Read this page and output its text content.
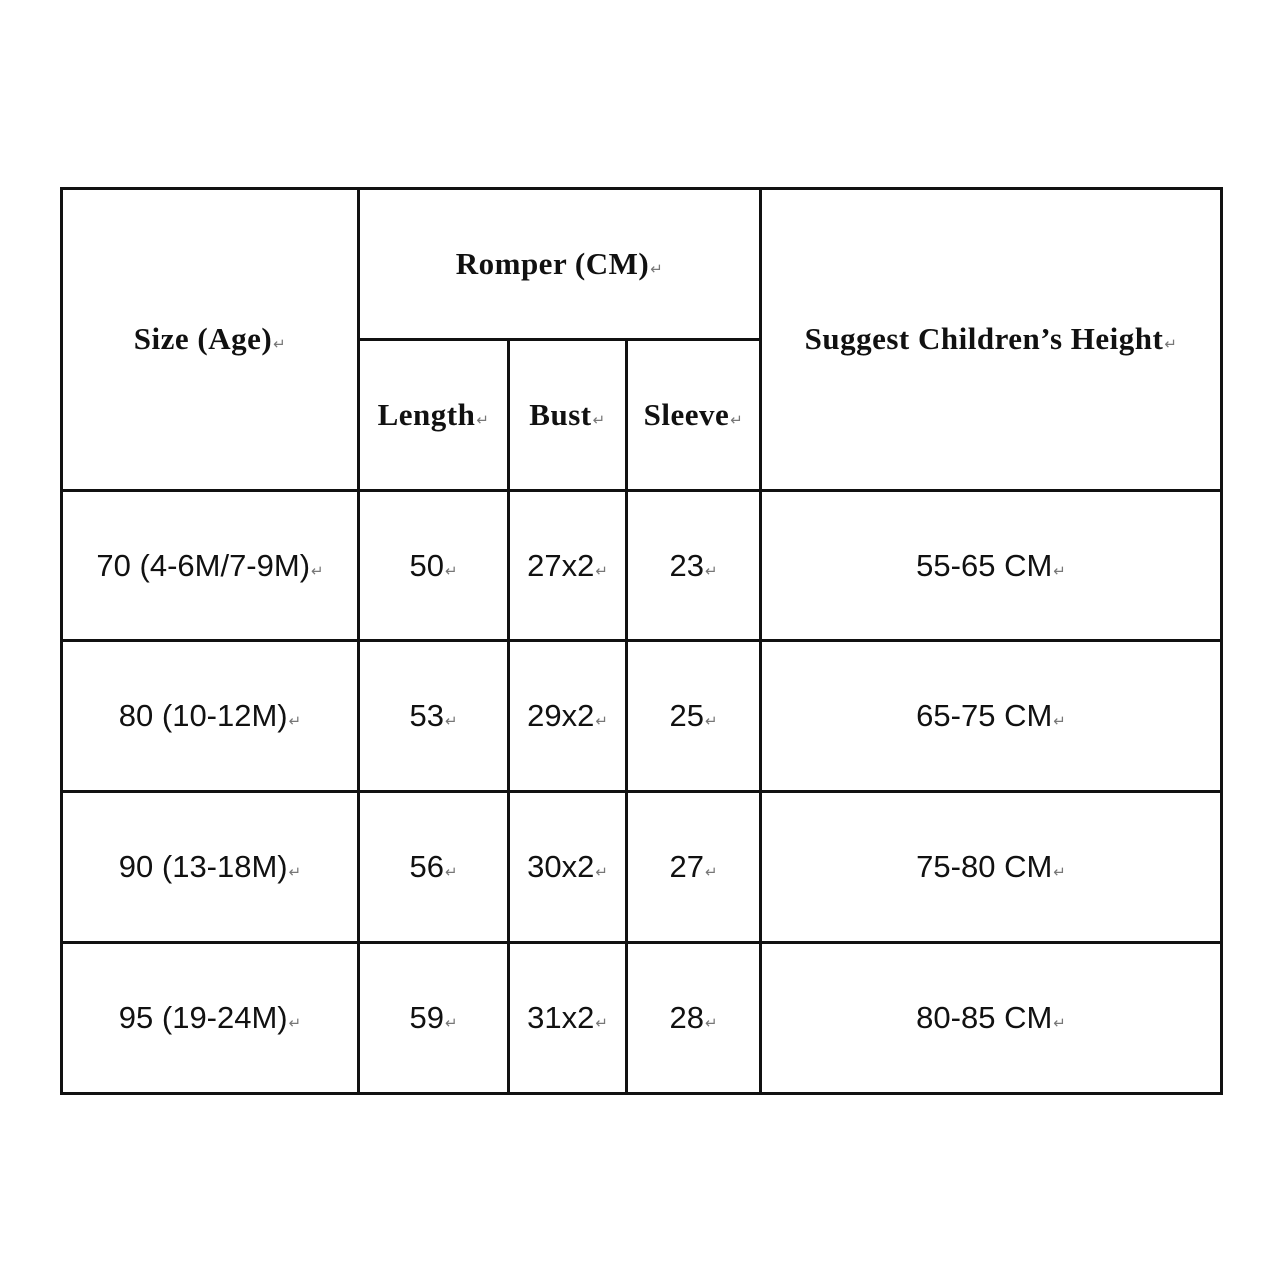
Size (Age)↵	Romper (CM)↵			Suggest Children’s Height↵
	Length↵	Bust↵	Sleeve↵	
70 (4-6M/7-9M)↵	50↵	27x2↵	23↵	55-65 CM↵
80 (10-12M)↵	53↵	29x2↵	25↵	65-75 CM↵
90 (13-18M)↵	56↵	30x2↵	27↵	75-80 CM↵
95 (19-24M)↵	59↵	31x2↵	28↵	80-85 CM↵
